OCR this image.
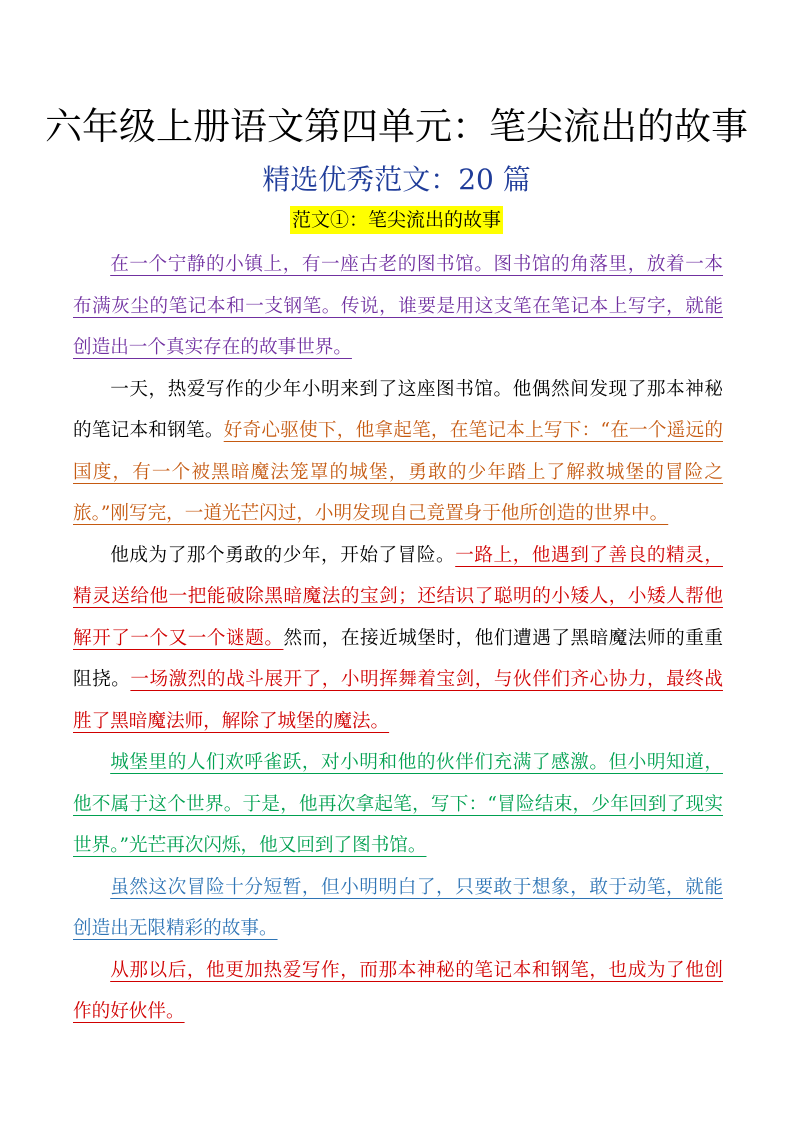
六年级上册语文第四单元：笔尖流出的故事
精选优秀范文：20 篇
范文①：笔尖流出的故事

在一个宁静的小镇上，有一座古老的图书馆。图书馆的角落里，放着一本布满灰尘的笔记本和一支钢笔。传说，谁要是用这支笔在笔记本上写字，就能创造出一个真实存在的故事世界。

一天，热爱写作的少年小明来到了这座图书馆。他偶然间发现了那本神秘的笔记本和钢笔。好奇心驱使下，他拿起笔，在笔记本上写下：“在一个遥远的国度，有一个被黑暗魔法笼罩的城堡，勇敢的少年踏上了解救城堡的冒险之旅。”刚写完，一道光芒闪过，小明发现自己竟置身于他所创造的世界中。

他成为了那个勇敢的少年，开始了冒险。一路上，他遇到了善良的精灵，精灵送给他一把能破除黑暗魔法的宝剑；还结识了聪明的小矮人，小矮人帮他解开了一个又一个谜题。然而，在接近城堡时，他们遭遇了黑暗魔法师的重重阻挠。一场激烈的战斗展开了，小明挥舞着宝剑，与伙伴们齐心协力，最终战胜了黑暗魔法师，解除了城堡的魔法。

城堡里的人们欢呼雀跃，对小明和他的伙伴们充满了感激。但小明知道，他不属于这个世界。于是，他再次拿起笔，写下：“冒险结束，少年回到了现实世界。”光芒再次闪烁，他又回到了图书馆。

虽然这次冒险十分短暂，但小明明白了，只要敢于想象，敢于动笔，就能创造出无限精彩的故事。

从那以后，他更加热爱写作，而那本神秘的笔记本和钢笔，也成为了他创作的好伙伴。
